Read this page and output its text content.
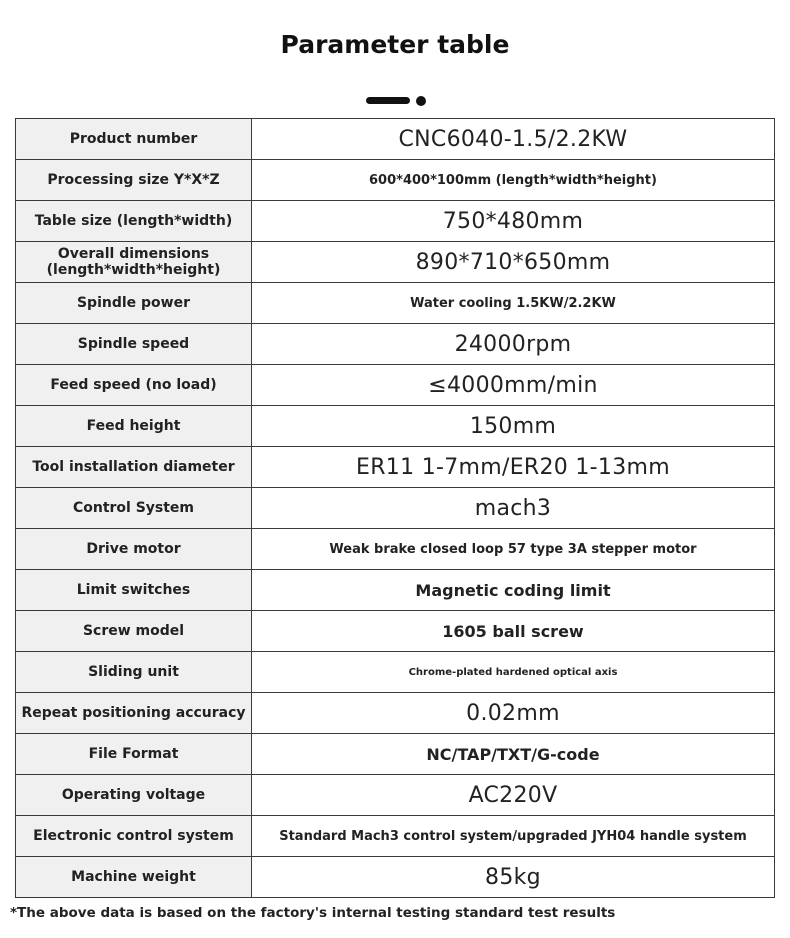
Parameter table
Product number	CNC6040-1.5/2.2KW
Processing size Y*X*Z	600*400*100mm (length*width*height)
Table size (length*width)	750*480mm
Overall dimensions (length*width*height)	890*710*650mm
Spindle power	Water cooling 1.5KW/2.2KW
Spindle speed	24000rpm
Feed speed (no load)	≤4000mm/min
Feed height	150mm
Tool installation diameter	ER11 1-7mm/ER20 1-13mm
Control System	mach3
Drive motor	Weak brake closed loop 57 type 3A stepper motor
Limit switches	Magnetic coding limit
Screw model	1605 ball screw
Sliding unit	Chrome-plated hardened optical axis
Repeat positioning accuracy	0.02mm
File Format	NC/TAP/TXT/G-code
Operating voltage	AC220V
Electronic control system	Standard Mach3 control system/upgraded JYH04 handle system
Machine weight	85kg
*The above data is based on the factory's internal testing standard test results
